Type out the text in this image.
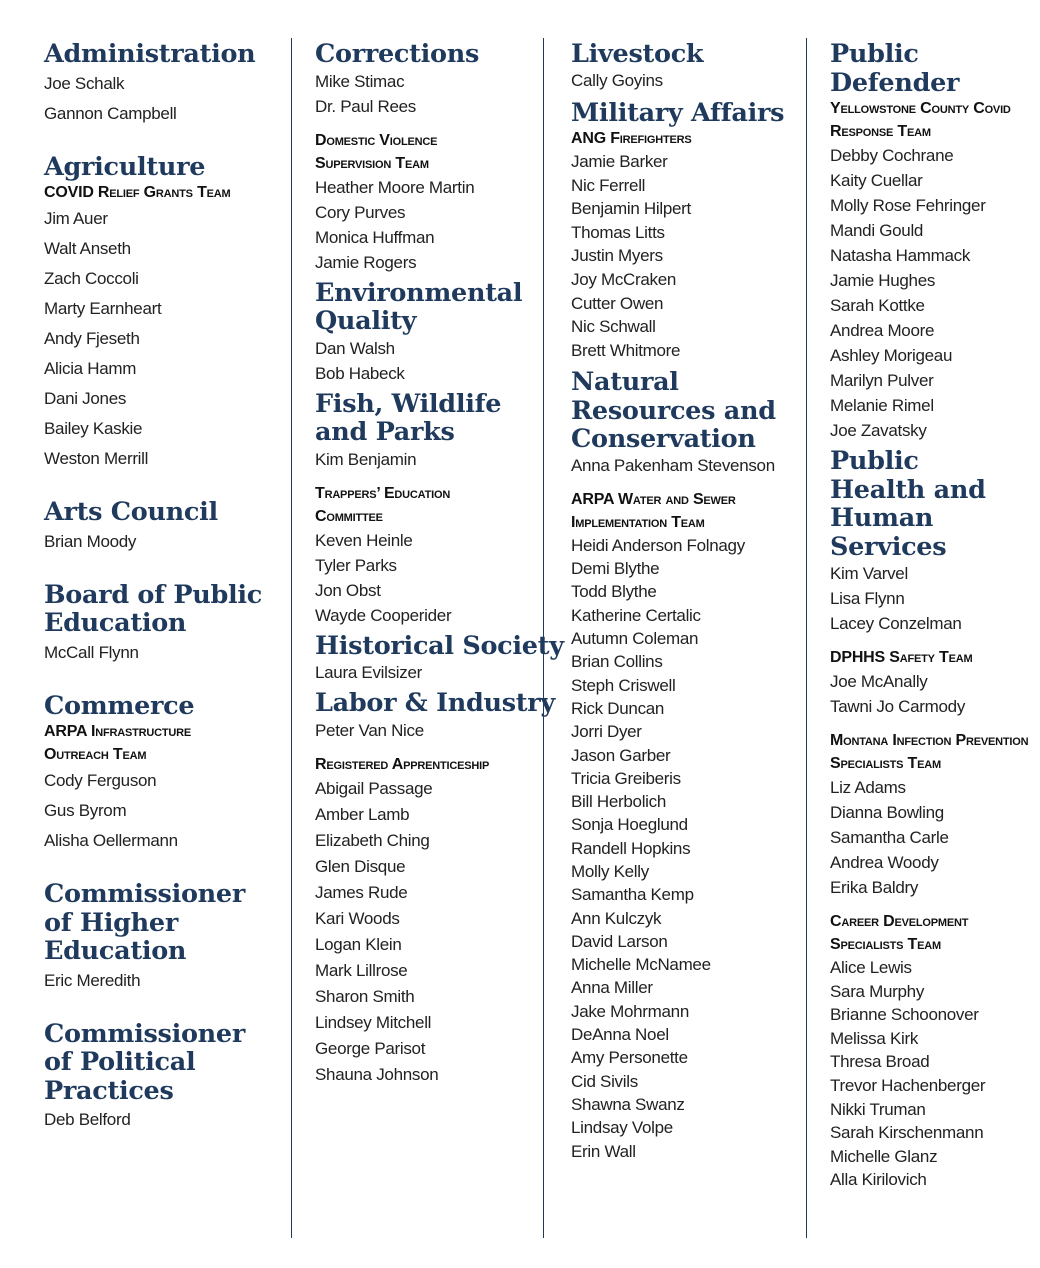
Administration
Joe Schalk
Gannon Campbell
Agriculture
COVID Relief Grants Team
Jim Auer
Walt Anseth
Zach Coccoli
Marty Earnheart
Andy Fjeseth
Alicia Hamm
Dani Jones
Bailey Kaskie
Weston Merrill
Arts Council
Brian Moody
Board of Public Education
McCall Flynn
Commerce
ARPA Infrastructure Outreach Team
Cody Ferguson
Gus Byrom
Alisha Oellermann
Commissioner of Higher Education
Eric Meredith
Commissioner of Political Practices
Deb Belford
Corrections
Mike Stimac
Dr. Paul Rees
Domestic Violence Supervision Team
Heather Moore Martin
Cory Purves
Monica Huffman
Jamie Rogers
Environmental Quality
Dan Walsh
Bob Habeck
Fish, Wildlife and Parks
Kim Benjamin
Trappers’ Education Committee
Keven Heinle
Tyler Parks
Jon Obst
Wayde Cooperider
Historical Society
Laura Evilsizer
Labor & Industry
Peter Van Nice
Registered Apprenticeship
Abigail Passage
Amber Lamb
Elizabeth Ching
Glen Disque
James Rude
Kari Woods
Logan Klein
Mark Lillrose
Sharon Smith
Lindsey Mitchell
George Parisot
Shauna Johnson
Livestock
Cally Goyins
Military Affairs
ANG Firefighters
Jamie Barker
Nic Ferrell
Benjamin Hilpert
Thomas Litts
Justin Myers
Joy McCraken
Cutter Owen
Nic Schwall
Brett Whitmore
Natural Resources and Conservation
Anna Pakenham Stevenson
ARPA Water and Sewer Implementation Team
Heidi Anderson Folnagy
Demi Blythe
Todd Blythe
Katherine Certalic
Autumn Coleman
Brian Collins
Steph Criswell
Rick Duncan
Jorri Dyer
Jason Garber
Tricia Greiberis
Bill Herbolich
Sonja Hoeglund
Randell Hopkins
Molly Kelly
Samantha Kemp
Ann Kulczyk
David Larson
Michelle McNamee
Anna Miller
Jake Mohrmann
DeAnna Noel
Amy Personette
Cid Sivils
Shawna Swanz
Lindsay Volpe
Erin Wall
Public Defender
Yellowstone County Covid Response Team
Debby Cochrane
Kaity Cuellar
Molly Rose Fehringer
Mandi Gould
Natasha Hammack
Jamie Hughes
Sarah Kottke
Andrea Moore
Ashley Morigeau
Marilyn Pulver
Melanie Rimel
Joe Zavatsky
Public Health and Human Services
Kim Varvel
Lisa Flynn
Lacey Conzelman
DPHHS Safety Team
Joe McAnally
Tawni Jo Carmody
Montana Infection Prevention Specialists Team
Liz Adams
Dianna Bowling
Samantha Carle
Andrea Woody
Erika Baldry
Career Development Specialists Team
Alice Lewis
Sara Murphy
Brianne Schoonover
Melissa Kirk
Thresa Broad
Trevor Hachenberger
Nikki Truman
Sarah Kirschenmann
Michelle Glanz
Alla Kirilovich
